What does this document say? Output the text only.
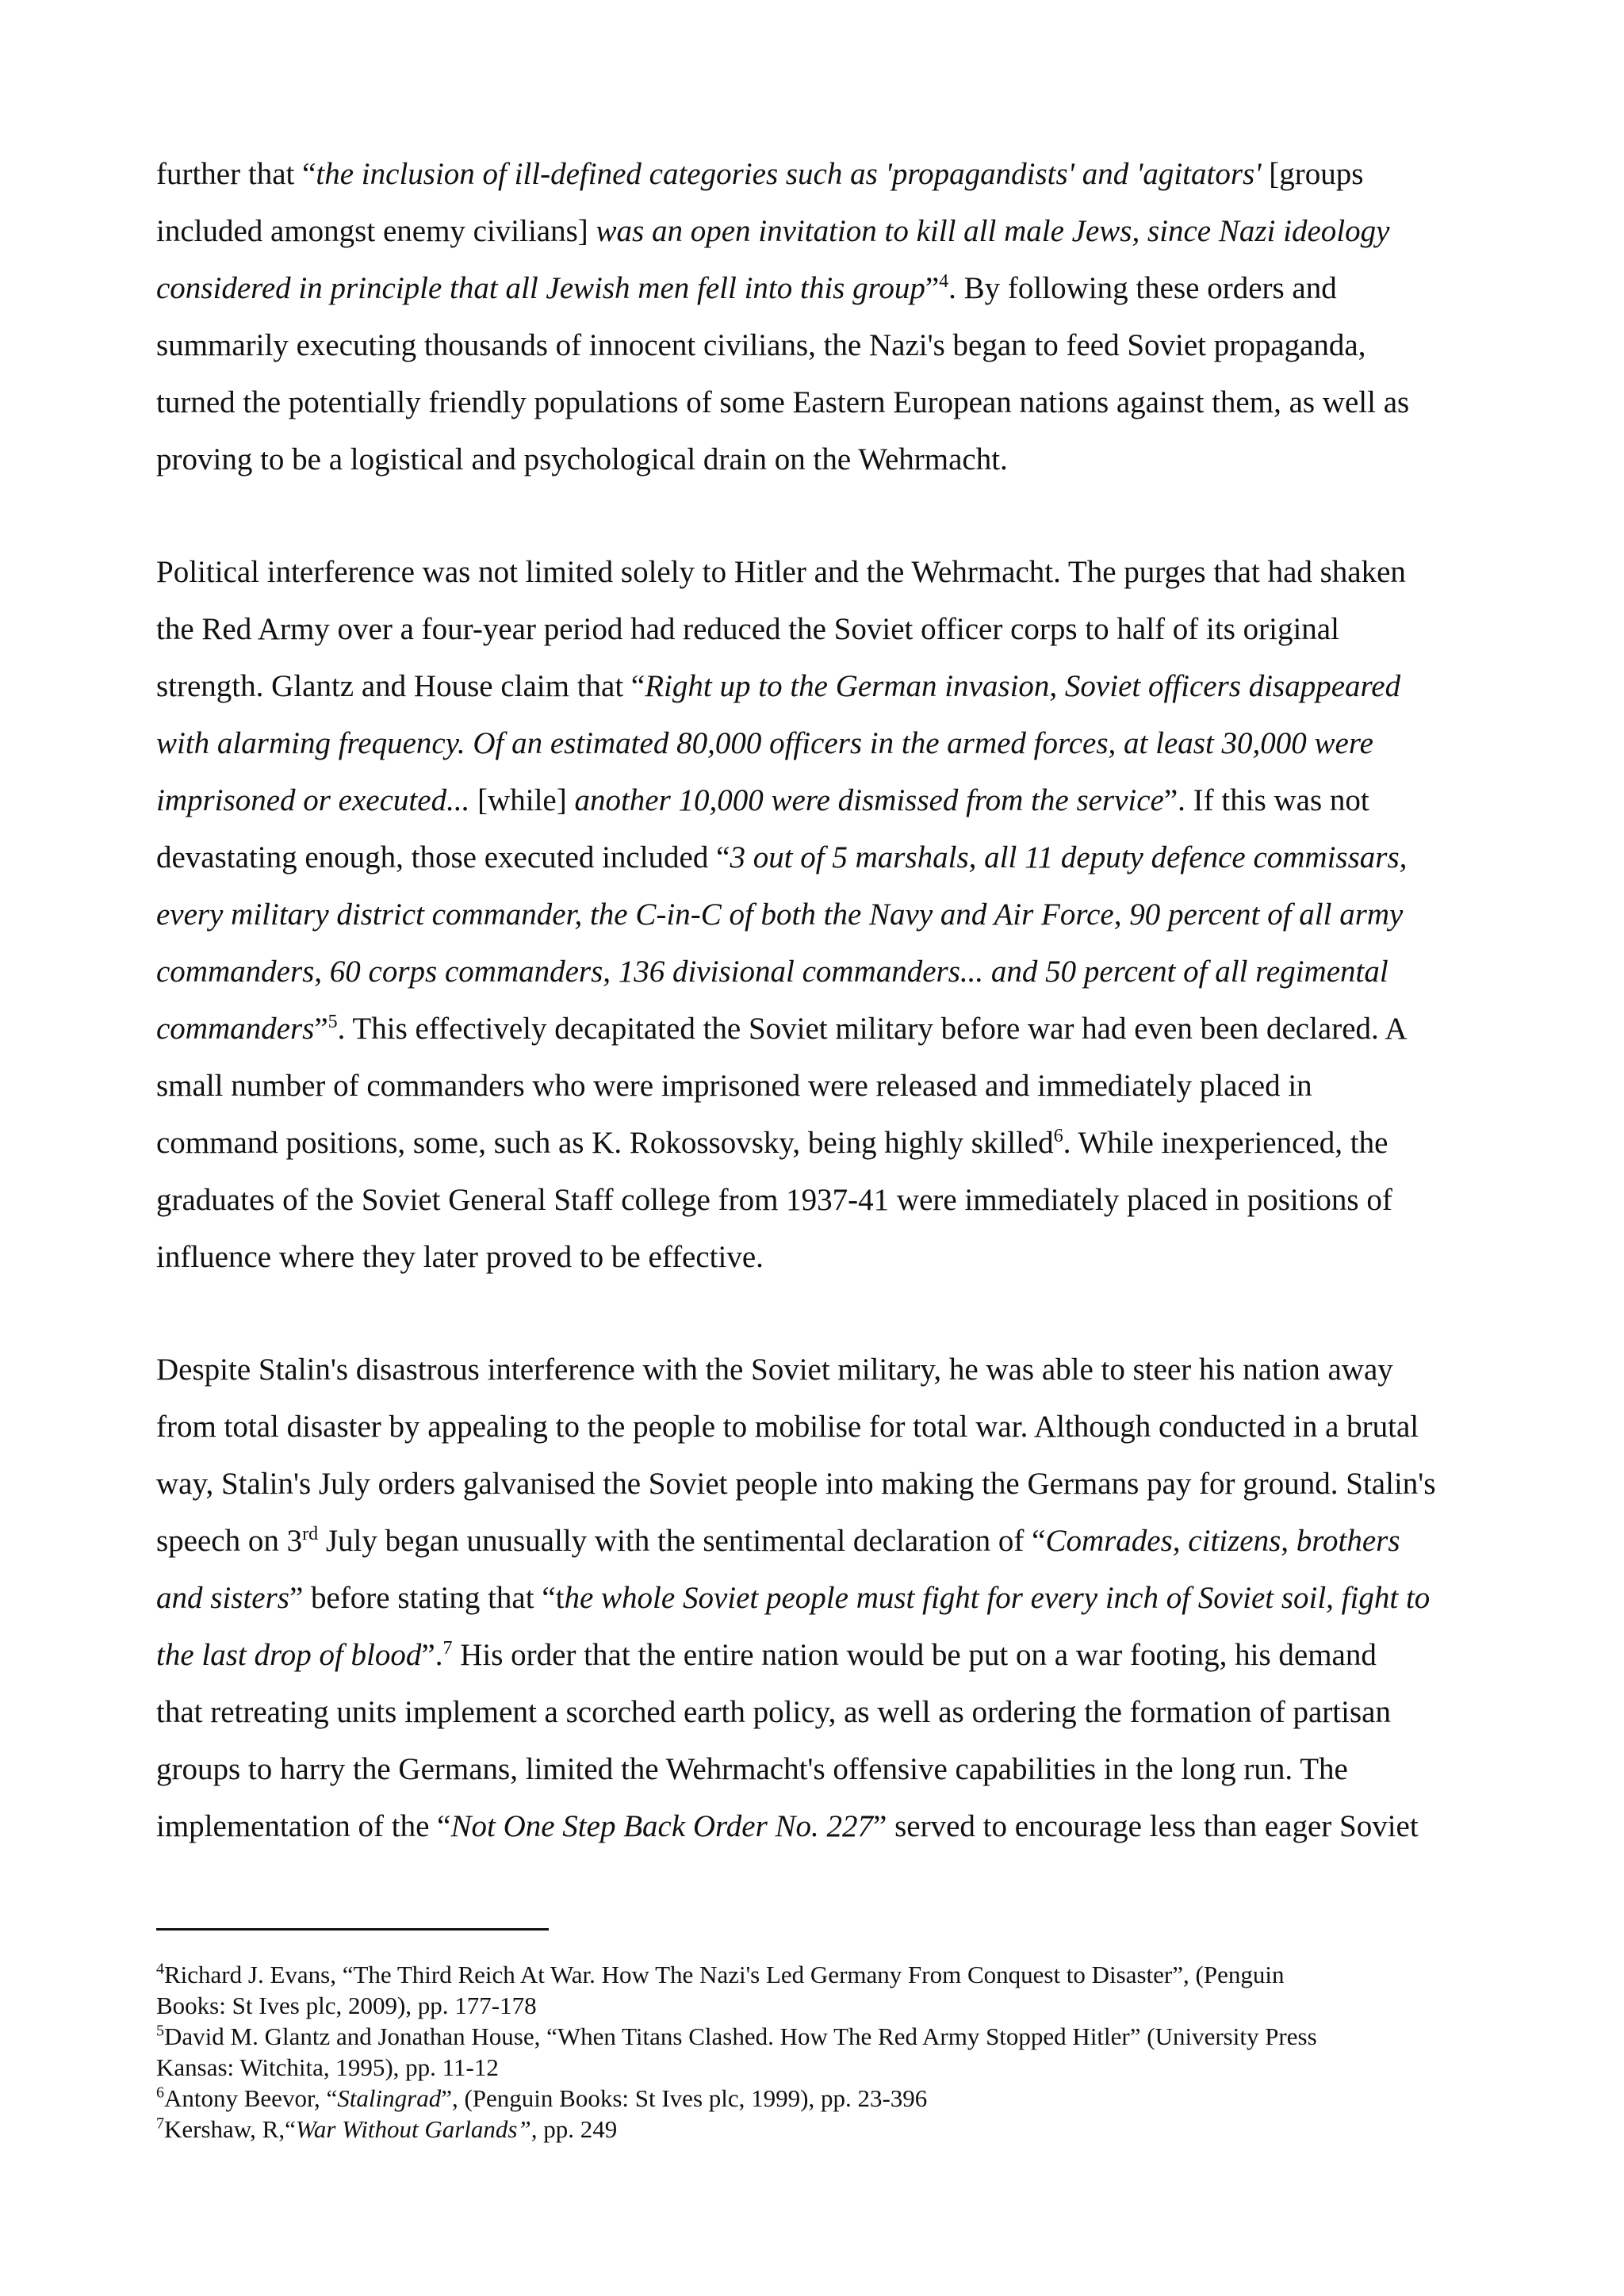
further that “the inclusion of ill-defined categories such as 'propagandists' and 'agitators' [groups
included amongst enemy civilians] was an open invitation to kill all male Jews, since Nazi ideology
considered in principle that all Jewish men fell into this group”$^4$. By following these orders and
summarily executing thousands of innocent civilians, the Nazi's began to feed Soviet propaganda,
turned the potentially friendly populations of some Eastern European nations against them, as well as
proving to be a logistical and psychological drain on the Wehrmacht.

Political interference was not limited solely to Hitler and the Wehrmacht. The purges that had shaken
the Red Army over a four-year period had reduced the Soviet officer corps to half of its original
strength. Glantz and House claim that “Right up to the German invasion, Soviet officers disappeared
with alarming frequency. Of an estimated 80,000 officers in the armed forces, at least 30,000 were
imprisoned or executed... [while] another 10,000 were dismissed from the service”. If this was not
devastating enough, those executed included “3 out of 5 marshals, all 11 deputy defence commissars,
every military district commander, the C-in-C of both the Navy and Air Force, 90 percent of all army
commanders, 60 corps commanders, 136 divisional commanders... and 50 percent of all regimental
commanders”$^5$. This effectively decapitated the Soviet military before war had even been declared. A
small number of commanders who were imprisoned were released and immediately placed in
command positions, some, such as K. Rokossovsky, being highly skilled$^6$. While inexperienced, the
graduates of the Soviet General Staff college from 1937-41 were immediately placed in positions of
influence where they later proved to be effective.

Despite Stalin's disastrous interference with the Soviet military, he was able to steer his nation away
from total disaster by appealing to the people to mobilise for total war. Although conducted in a brutal
way, Stalin's July orders galvanised the Soviet people into making the Germans pay for ground. Stalin's
speech on 3rd July began unusually with the sentimental declaration of “Comrades, citizens, brothers
and sisters” before stating that “the whole Soviet people must fight for every inch of Soviet soil, fight to
the last drop of blood”.$^7$ His order that the entire nation would be put on a war footing, his demand
that retreating units implement a scorched earth policy, as well as ordering the formation of partisan
groups to harry the Germans, limited the Wehrmacht's offensive capabilities in the long run. The
implementation of the “Not One Step Back Order No. 227” served to encourage less than eager Soviet

$^4$Richard J. Evans, “The Third Reich At War. How The Nazi's Led Germany From Conquest to Disaster”, (Penguin
Books: St Ives plc, 2009), pp. 177-178
$^5$David M. Glantz and Jonathan House, “When Titans Clashed. How The Red Army Stopped Hitler” (University Press
Kansas: Witchita, 1995), pp. 11-12
$^6$Antony Beevor, “Stalingrad”, (Penguin Books: St Ives plc, 1999), pp. 23-396
$^7$Kershaw, R,“War Without Garlands”, pp. 249
